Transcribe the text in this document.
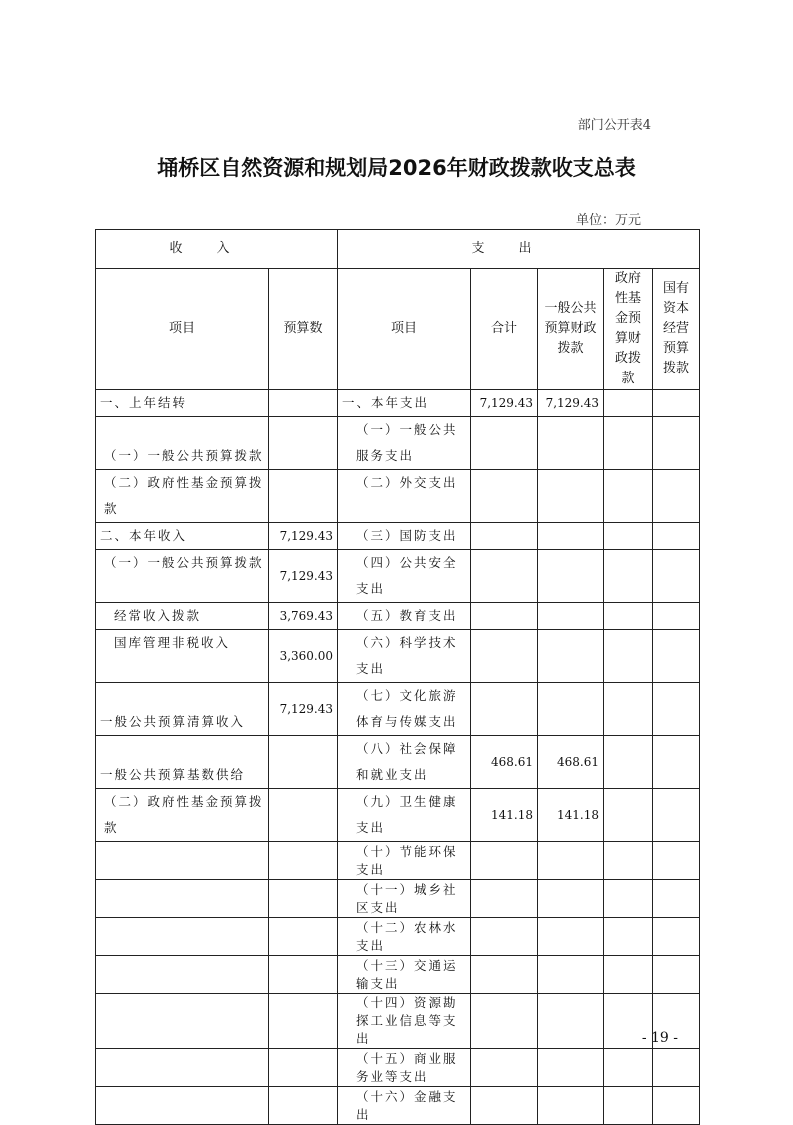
部门公开表4
埇桥区自然资源和规划局2026年财政拨款收支总表
单位：万元
收入		支出				
项目	预算数	项目	合计	一般公共预算财政拨款	政府性基金预算财政拨款	国有资本经营预算拨款
一、上年结转		一、本年支出	7,129.43	7,129.43		
（一）一般公共预算拨款		（一）一般公共服务支出				
（二）政府性基金预算拨款		（二）外交支出				
二、本年收入	7,129.43	（三）国防支出				
（一）一般公共预算拨款	7,129.43	（四）公共安全支出				
经常收入拨款	3,769.43	（五）教育支出				
国库管理非税收入	3,360.00	（六）科学技术支出				
一般公共预算清算收入	7,129.43	（七）文化旅游体育与传媒支出				
一般公共预算基数供给		（八）社会保障和就业支出	468.61	468.61		
（二）政府性基金预算拨款		（九）卫生健康支出	141.18	141.18		
		（十）节能环保支出				
		（十一）城乡社区支出				
		（十二）农林水支出				
		（十三）交通运输支出				
		（十四）资源勘探工业信息等支出				
		（十五）商业服务业等支出				
		（十六）金融支出				
- 19 -
